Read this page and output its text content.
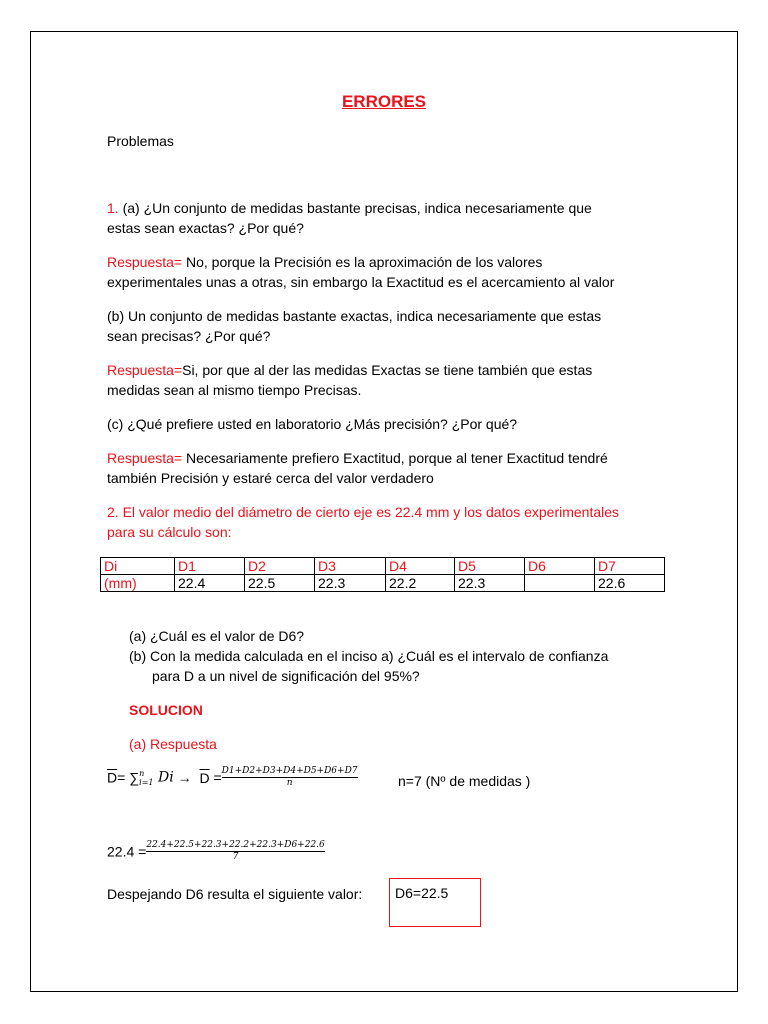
ERRORES
Problemas
1. (a) ¿Un conjunto de medidas bastante precisas, indica necesariamente que
estas sean exactas? ¿Por qué?
Respuesta= No, porque la Precisión es la aproximación de los valores
experimentales unas a otras, sin embargo la Exactitud es el acercamiento al valor
(b) Un conjunto de medidas bastante exactas, indica necesariamente que estas
sean precisas? ¿Por qué?
Respuesta=Si, por que al der las medidas Exactas se tiene también que estas
medidas sean al mismo tiempo Precisas.
(c) ¿Qué prefiere usted en laboratorio ¿Más precisión? ¿Por qué?
Respuesta= Necesariamente prefiero Exactitud, porque al tener Exactitud tendré
también Precisión y estaré cerca del valor verdadero
2. El valor medio del diámetro de cierto eje es 22.4 mm y los datos experimentales
para su cálculo son:
Di	D1	D2	D3	D4	D5	D6	D7
(mm)	22.4	22.5	22.3	22.2	22.3		22.6
(a) ¿Cuál es el valor de D6?
(b) Con la medida calculada en el inciso a) ¿Cuál es el intervalo de confianza
para D a un nivel de significación del 95%?
SOLUCION
(a) Respuesta
$\overline{D}=$ ∑ n
i=1 $Di \to \overline{D} = \frac{D1+D2+D3+D4+D5+D6+D7}{n}$	n=7 (Nº de medidas )
$22.4 = \frac{22.4+22.5+22.3+22.2+22.3+D6+22.6}{7}$
Despejando D6 resulta el siguiente valor:	D6=22.5
